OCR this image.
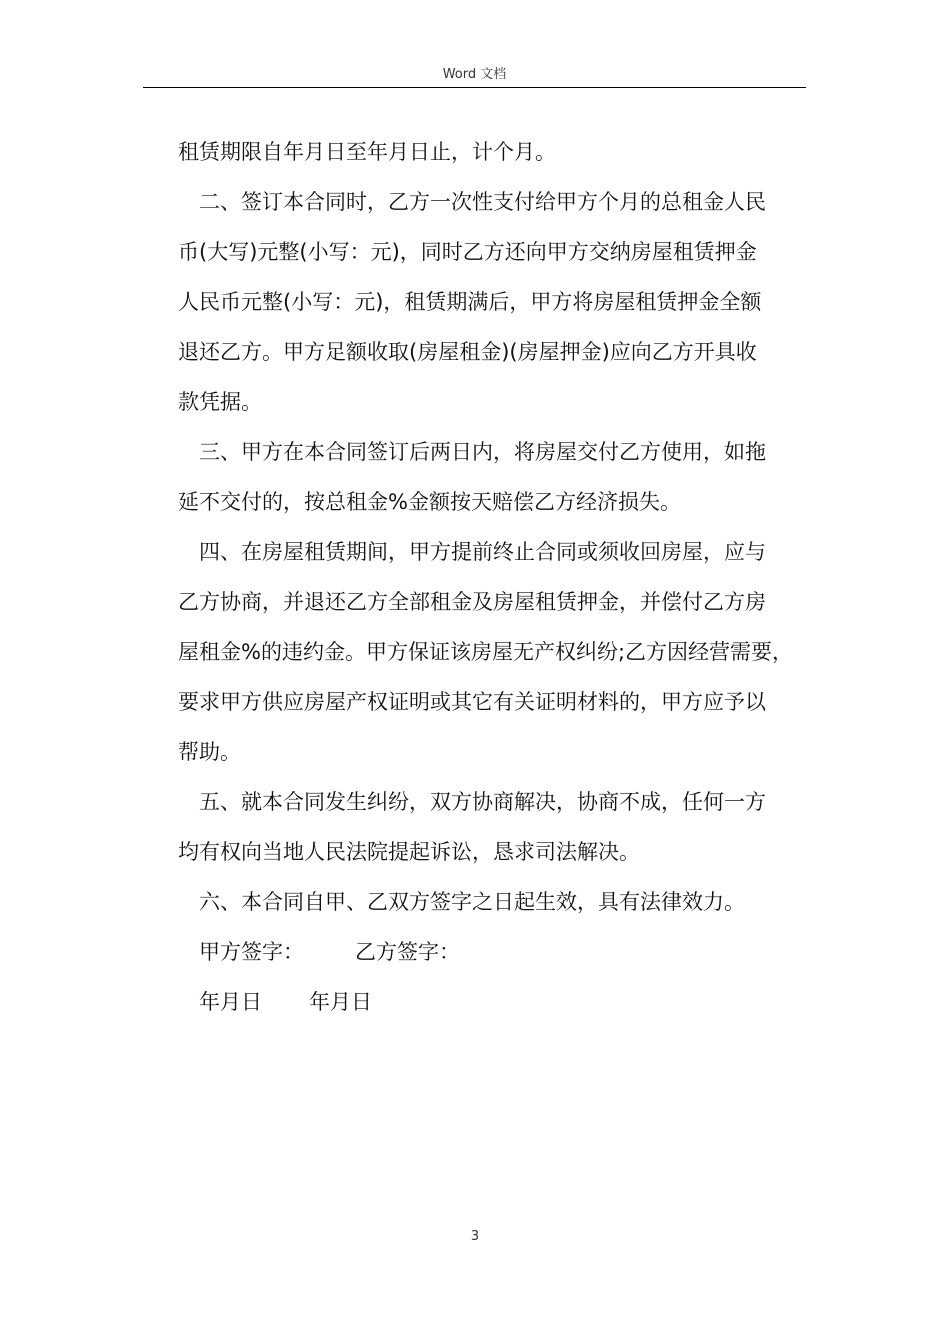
Word 文档
租赁期限自年月日至年月日止，计个月。
二、签订本合同时，乙方一次性支付给甲方个月的总租金人民
币(大写)元整(小写：元)，同时乙方还向甲方交纳房屋租赁押金
人民币元整(小写：元)，租赁期满后，甲方将房屋租赁押金全额
退还乙方。甲方足额收取(房屋租金)(房屋押金)应向乙方开具收
款凭据。
三、甲方在本合同签订后两日内，将房屋交付乙方使用，如拖
延不交付的，按总租金%金额按天赔偿乙方经济损失。
四、在房屋租赁期间，甲方提前终止合同或须收回房屋，应与
乙方协商，并退还乙方全部租金及房屋租赁押金，并偿付乙方房
屋租金%的违约金。甲方保证该房屋无产权纠纷;乙方因经营需要，
要求甲方供应房屋产权证明或其它有关证明材料的，甲方应予以
帮助。
五、就本合同发生纠纷，双方协商解决，协商不成，任何一方
均有权向当地人民法院提起诉讼，恳求司法解决。
六、本合同自甲、乙双方签字之日起生效，具有法律效力。
甲方签字：	乙方签字：
年月日	年月日
3
